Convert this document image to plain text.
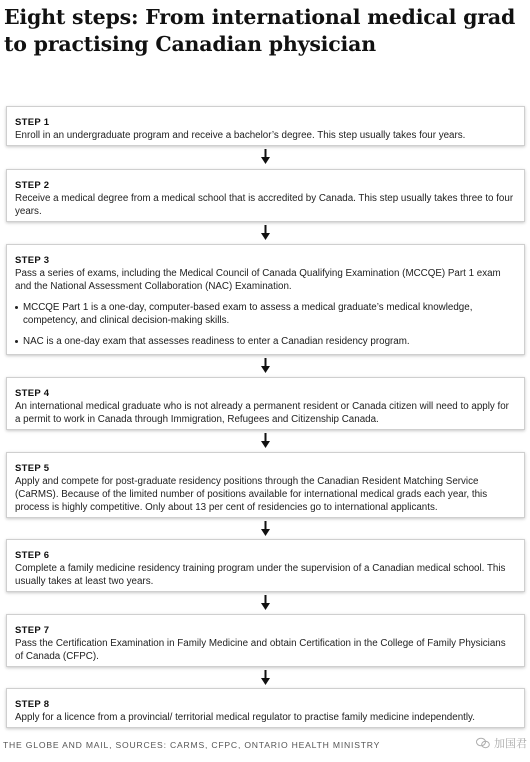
Eight steps: From international medical grad to practising Canadian physician
STEP 1
Enroll in an undergraduate program and receive a bachelor’s degree. This step usually takes four years.
STEP 2
Receive a medical degree from a medical school that is accredited by Canada. This step usually takes three to four years.
STEP 3
Pass a series of exams, including the Medical Council of Canada Qualifying Examination (MCCQE) Part 1 exam and the National Assessment Collaboration (NAC) Examination.
MCCQE Part 1 is a one-day, computer-based exam to assess a medical graduate’s medical knowledge, competency, and clinical decision-making skills.
NAC is a one-day exam that assesses readiness to enter a Canadian residency program.
STEP 4
An international medical graduate who is not already a permanent resident or Canada citizen will need to apply for a permit to work in Canada through Immigration, Refugees and Citizenship Canada.
STEP 5
Apply and compete for post-graduate residency positions through the Canadian Resident Matching Service (CaRMS). Because of the limited number of positions available for international medical grads each year, this process is highly competitive. Only about 13 per cent of residencies go to international applicants.
STEP 6
Complete a family medicine residency training program under the supervision of a Canadian medical school. This usually takes at least two years.
STEP 7
Pass the Certification Examination in Family Medicine and obtain Certification in the College of Family Physicians of Canada (CFPC).
STEP 8
Apply for a licence from a provincial/ territorial medical regulator to practise family medicine independently.
THE GLOBE AND MAIL, SOURCES: CARMS, CFPC, ONTARIO HEALTH MINISTRY	加国君
